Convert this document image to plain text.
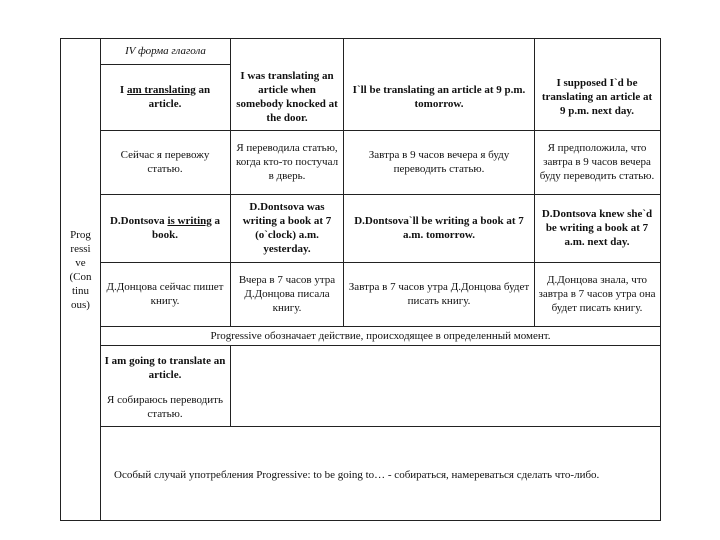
IV форма глагола
Prog ressi ve (Con tinu ous)
I am translating an article.
I was translating an article when somebody knocked at the door.
I`ll be translating an article at 9 p.m. tomorrow.
I supposed I`d be translating an article at 9 p.m. next day.
Сейчас я перевожу статью.
Я переводила статью, когда кто-то постучал в дверь.
Завтра в 9 часов вечера я буду переводить статью.
Я предположила, что завтра в 9 часов вечера буду переводить статью.
D.Dontsova is writing a book.
D.Dontsova was writing a book at 7 (o`clock) a.m. yesterday.
D.Dontsova`ll be writing a book at 7 a.m. tomorrow.
D.Dontsova knew she`d be writing a book at 7 a.m. next day.
Д.Донцова сейчас пишет книгу.
Вчера в 7 часов утра Д.Донцова писала книгу.
Завтра в 7 часов утра Д.Донцова будет писать книгу.
Д.Донцова знала, что завтра в 7 часов утра она будет писать книгу.
Progressive обозначает действие, происходящее в определенный момент.
I am going to translate an article.
Я собираюсь переводить статью.
Особый случай употребления Progressive: to be going to… - собираться, намереваться сделать что-либо.
